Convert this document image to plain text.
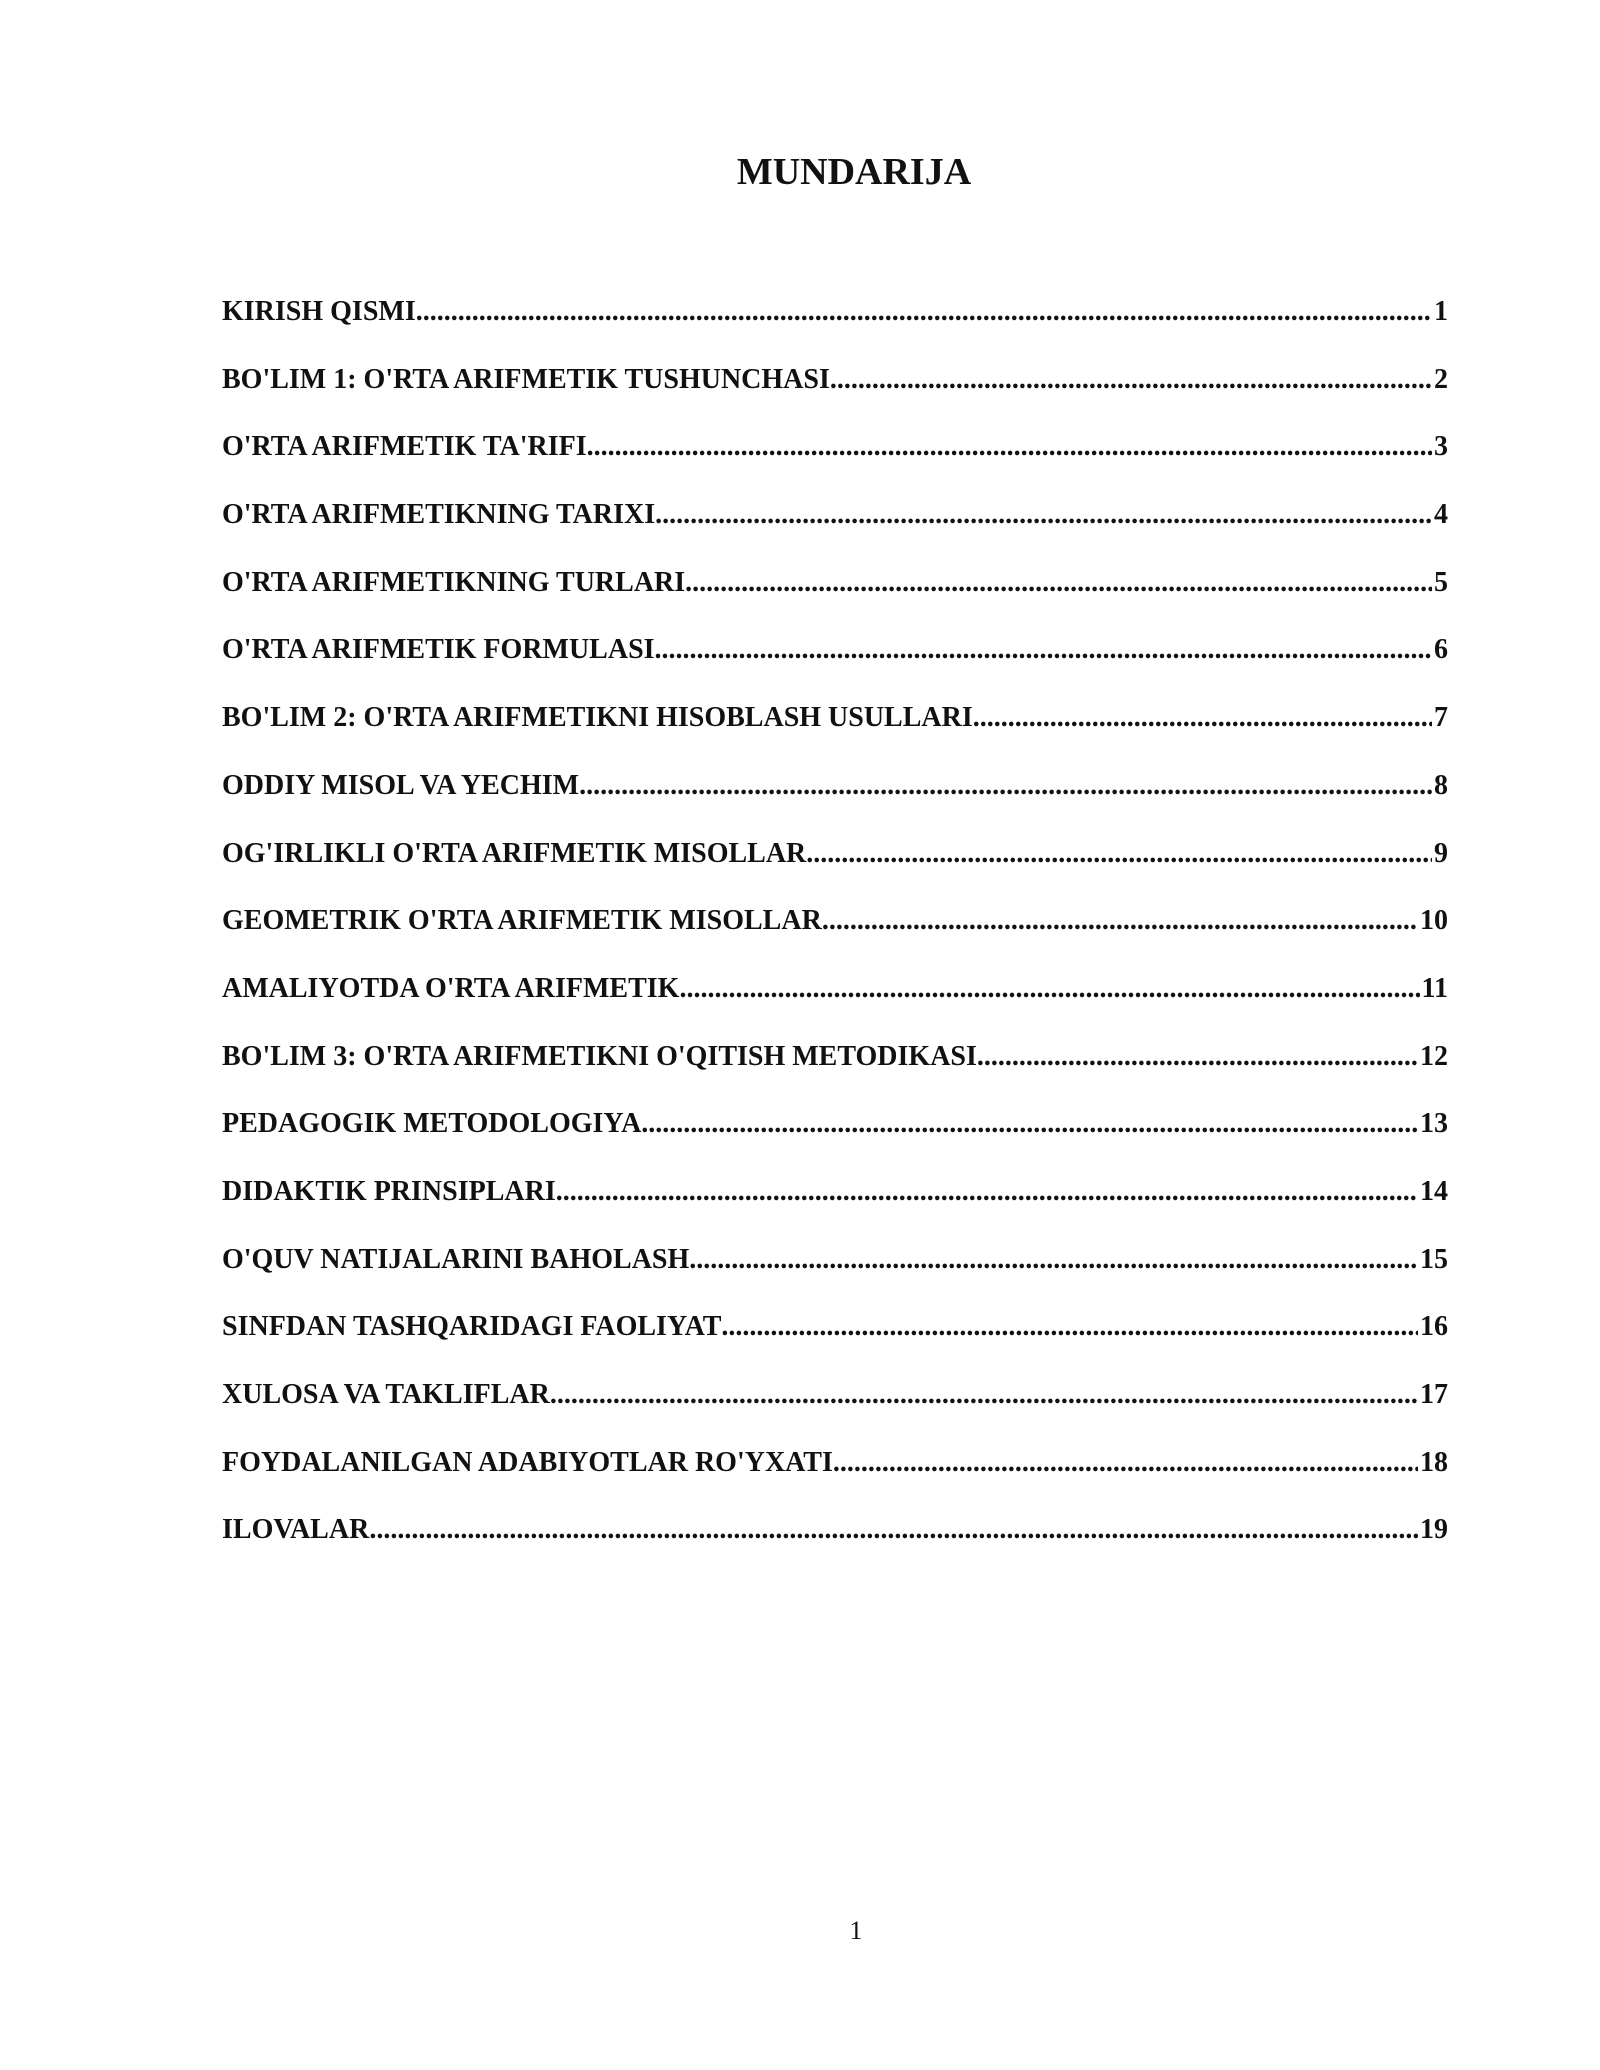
MUNDARIJA
KIRISH QISMI .....	1
BO'LIM 1: O'RTA ARIFMETIK TUSHUNCHASI .....	2
O'RTA ARIFMETIK TA'RIFI .....	3
O'RTA ARIFMETIKNING TARIXI .....	4
O'RTA ARIFMETIKNING TURLARI .....	5
O'RTA ARIFMETIK FORMULASI .....	6
BO'LIM 2: O'RTA ARIFMETIKNI HISOBLASH USULLARI .....	7
ODDIY MISOL VA YECHIM .....	8
OG'IRLIKLI O'RTA ARIFMETIK MISOLLAR .....	9
GEOMETRIK O'RTA ARIFMETIK MISOLLAR .....	10
AMALIYOTDA O'RTA ARIFMETIK .....	11
BO'LIM 3: O'RTA ARIFMETIKNI O'QITISH METODIKASI .....	12
PEDAGOGIK METODOLOGIYA .....	13
DIDAKTIK PRINSIPLARI .....	14
O'QUV NATIJALARINI BAHOLASH .....	15
SINFDAN TASHQARIDAGI FAOLIYAT .....	16
XULOSA VA TAKLIFLAR .....	17
FOYDALANILGAN ADABIYOTLAR RO'YXATI .....	18
ILOVALAR .....	19
1
